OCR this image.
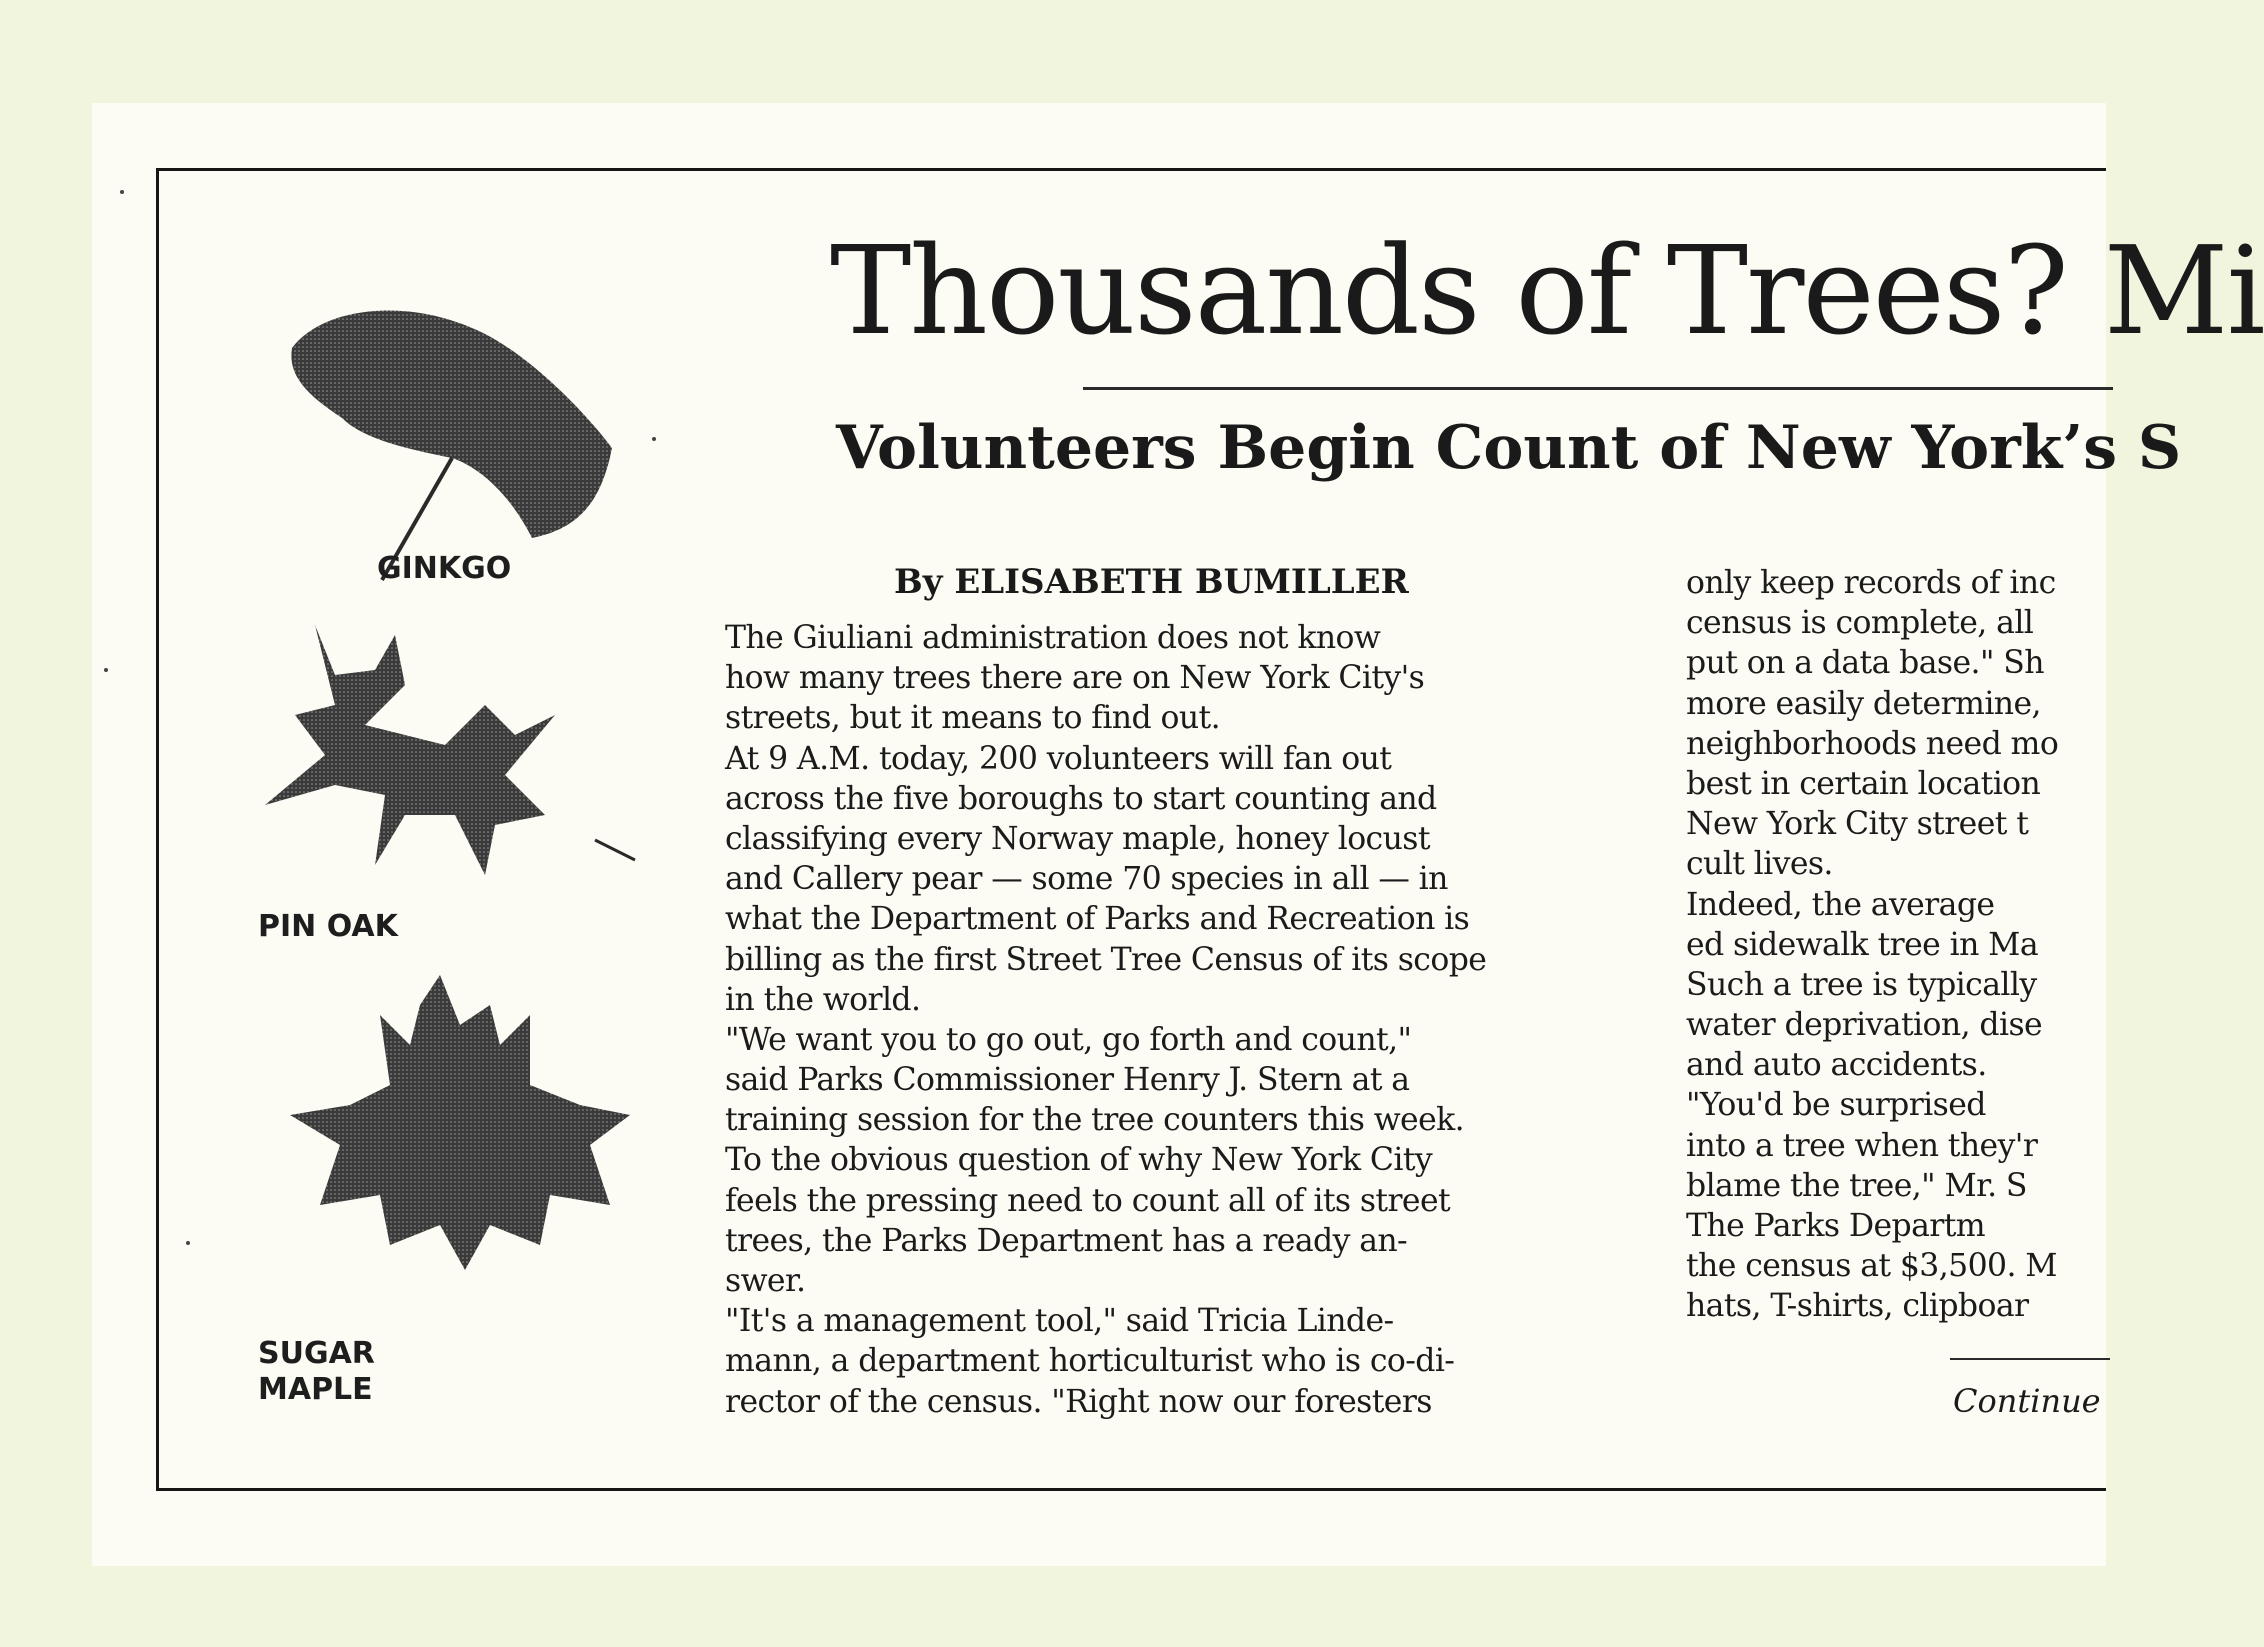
GINKGO
PIN OAK
SUGAR
MAPLE
Thousands of Trees? Mi
Volunteers Begin Count of New York’s S
By ELISABETH BUMILLER
The Giuliani administration does not know
how many trees there are on New York City's
streets, but it means to find out.
At 9 A.M. today, 200 volunteers will fan out
across the five boroughs to start counting and
classifying every Norway maple, honey locust
and Callery pear — some 70 species in all — in
what the Department of Parks and Recreation is
billing as the first Street Tree Census of its scope
in the world.
"We want you to go out, go forth and count,"
said Parks Commissioner Henry J. Stern at a
training session for the tree counters this week.
To the obvious question of why New York City
feels the pressing need to count all of its street
trees, the Parks Department has a ready an-
swer.
"It's a management tool," said Tricia Linde-
mann, a department horticulturist who is co-di-
rector of the census. "Right now our foresters
only keep records of inc
census is complete, all
put on a data base." Sh
more easily determine,
neighborhoods need mo
best in certain location
New York City street t
cult lives.
Indeed, the average
ed sidewalk tree in Ma
Such a tree is typically
water deprivation, dise
and auto accidents.
"You'd be surprised
into a tree when they'r
blame the tree," Mr. S
The Parks Departm
the census at $3,500. M
hats, T-shirts, clipboar
Continue
